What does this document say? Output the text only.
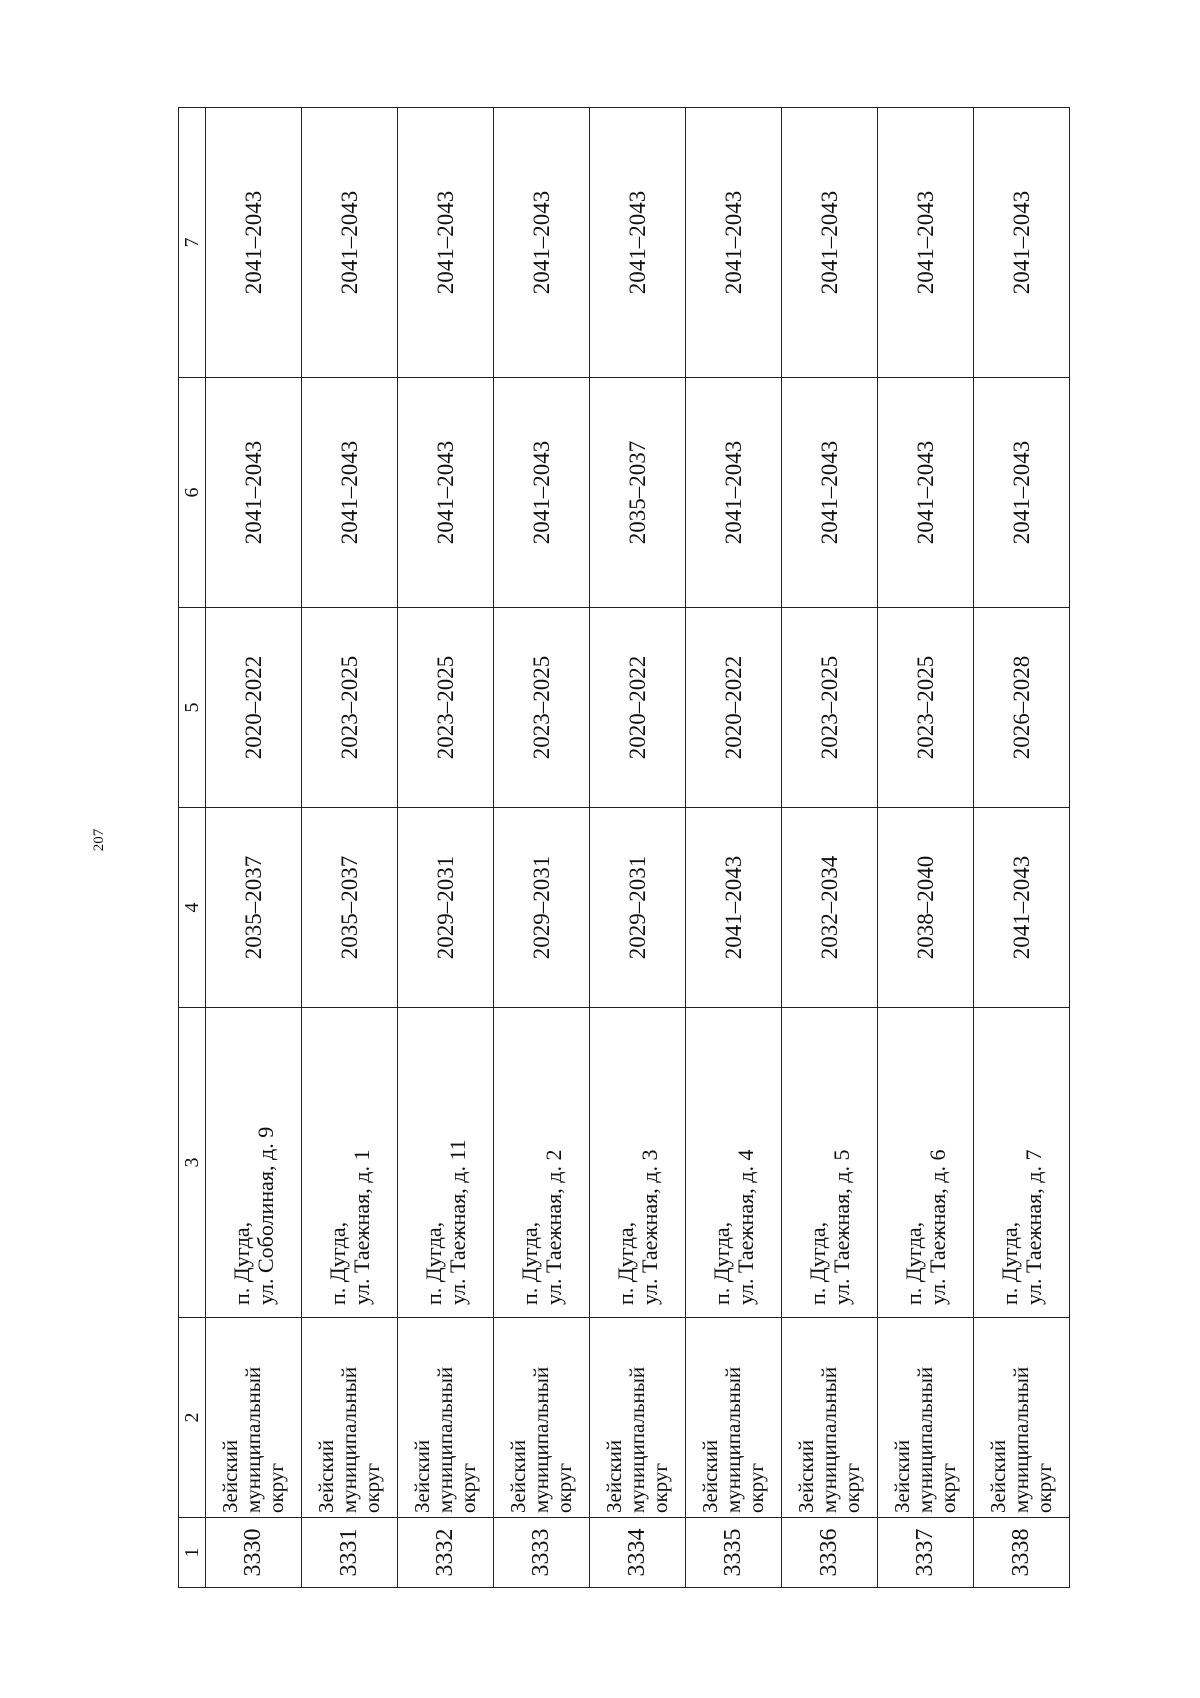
207
1	2	3	4	5	6	7
3330	Зейский муниципальный округ	п. Дугда, ул. Соболиная, д. 9	2035–2037	2020–2022	2041–2043	2041–2043
3331	Зейский муниципальный округ	п. Дугда, ул. Таежная, д. 1	2035–2037	2023–2025	2041–2043	2041–2043
3332	Зейский муниципальный округ	п. Дугда, ул. Таежная, д. 11	2029–2031	2023–2025	2041–2043	2041–2043
3333	Зейский муниципальный округ	п. Дугда, ул. Таежная, д. 2	2029–2031	2023–2025	2041–2043	2041–2043
3334	Зейский муниципальный округ	п. Дугда, ул. Таежная, д. 3	2029–2031	2020–2022	2035–2037	2041–2043
3335	Зейский муниципальный округ	п. Дугда, ул. Таежная, д. 4	2041–2043	2020–2022	2041–2043	2041–2043
3336	Зейский муниципальный округ	п. Дугда, ул. Таежная, д. 5	2032–2034	2023–2025	2041–2043	2041–2043
3337	Зейский муниципальный округ	п. Дугда, ул. Таежная, д. 6	2038–2040	2023–2025	2041–2043	2041–2043
3338	Зейский муниципальный округ	п. Дугда, ул. Таежная, д. 7	2041–2043	2026–2028	2041–2043	2041–2043
